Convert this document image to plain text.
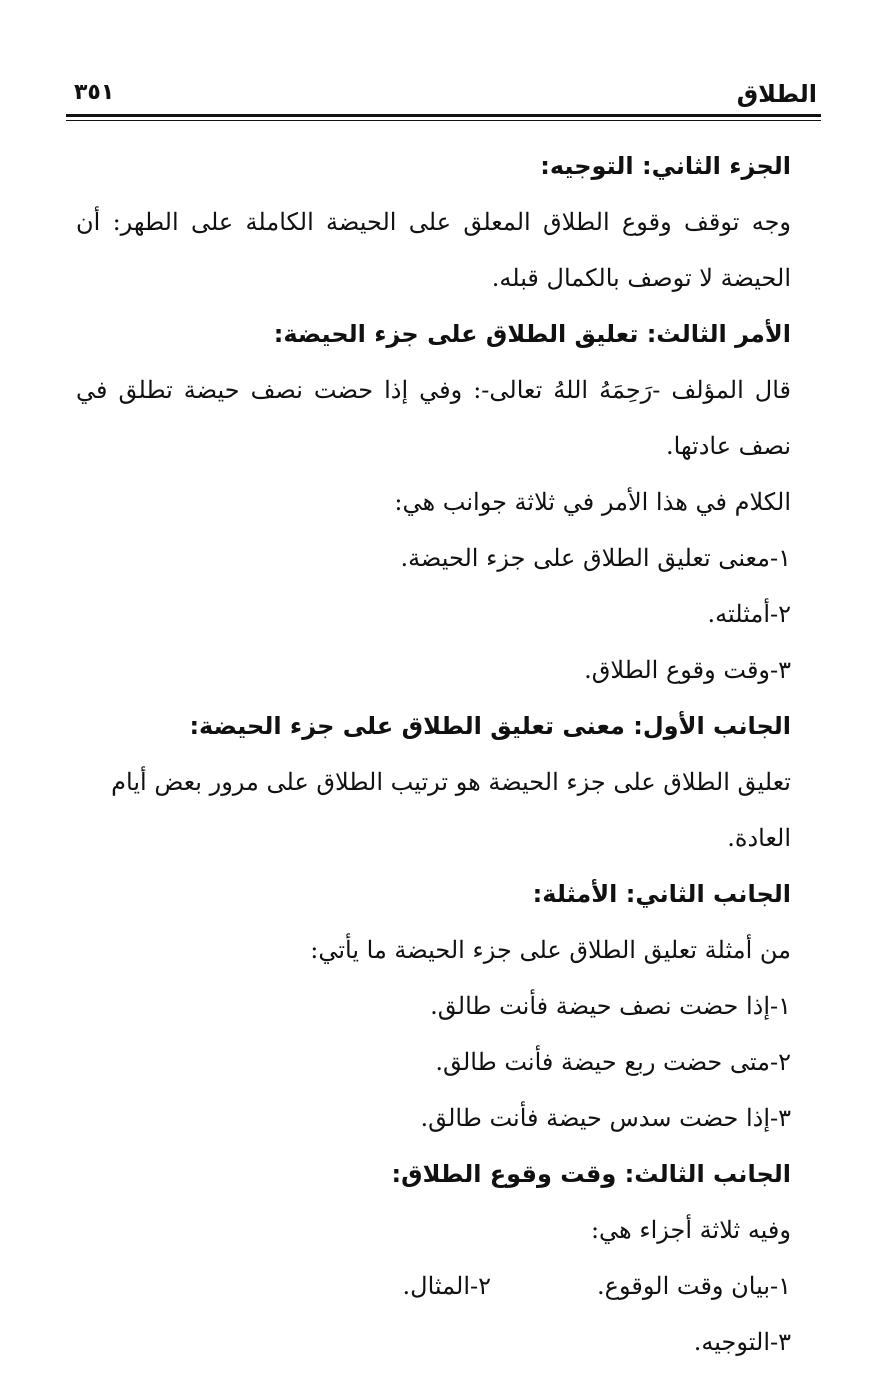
الطلاق
٣٥١

الجزء الثاني: التوجيه:

وجه توقف وقوع الطلاق المعلق على الحيضة الكاملة على الطهر: أن الحيضة لا توصف بالكمال قبله.

الأمر الثالث: تعليق الطلاق على جزء الحيضة:

قال المؤلف -رَحِمَهُ اللهُ تعالى-: وفي إذا حضت نصف حيضة تطلق في نصف عادتها.

الكلام في هذا الأمر في ثلاثة جوانب هي:

١-معنى تعليق الطلاق على جزء الحيضة.

٢-أمثلته.

٣-وقت وقوع الطلاق.

الجانب الأول: معنى تعليق الطلاق على جزء الحيضة:

تعليق الطلاق على جزء الحيضة هو ترتيب الطلاق على مرور بعض أيام العادة.

الجانب الثاني: الأمثلة:

من أمثلة تعليق الطلاق على جزء الحيضة ما يأتي:

١-إذا حضت نصف حيضة فأنت طالق.

٢-متى حضت ربع حيضة فأنت طالق.

٣-إذا حضت سدس حيضة فأنت طالق.

الجانب الثالث: وقت وقوع الطلاق:

وفيه ثلاثة أجزاء هي:

١-بيان وقت الوقوع.
٢-المثال.

٣-التوجيه.
